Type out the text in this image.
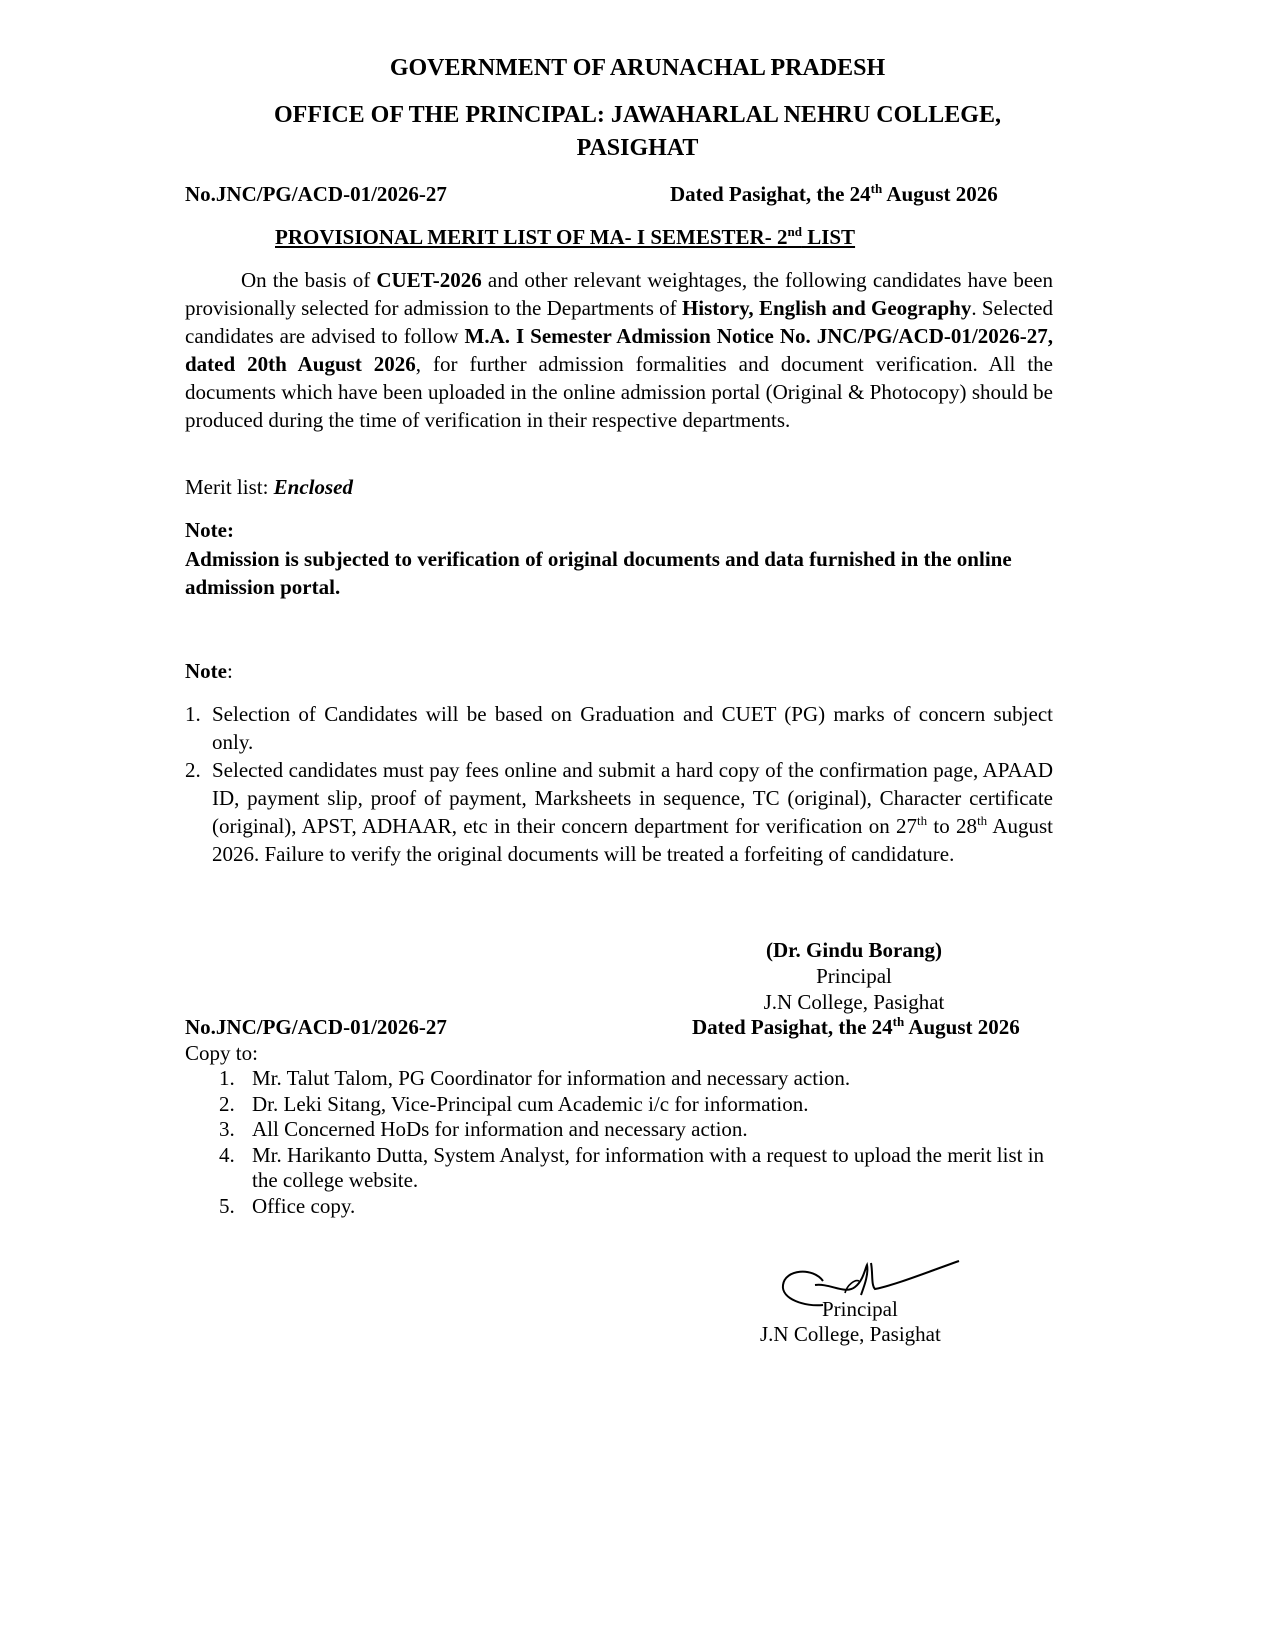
GOVERNMENT OF ARUNACHAL PRADESH
OFFICE OF THE PRINCIPAL: JAWAHARLAL NEHRU COLLEGE,
PASIGHAT
No.JNC/PG/ACD-01/2026-27	Dated Pasighat, the 24th August 2026
PROVISIONAL MERIT LIST OF MA- I SEMESTER- 2nd LIST

On the basis of CUET-2026 and other relevant weightages, the following candidates have been provisionally selected for admission to the Departments of History, English and Geography. Selected candidates are advised to follow M.A. I Semester Admission Notice No. JNC/PG/ACD-01/2026-27, dated 20th August 2026, for further admission formalities and document verification. All the documents which have been uploaded in the online admission portal (Original & Photocopy) should be produced during the time of verification in their respective departments.

Merit list: Enclosed
Note:

Admission is subjected to verification of original documents and data furnished in the online admission portal.

Note:
1. Selection of Candidates will be based on Graduation and CUET (PG) marks of concern subject only.
2. Selected candidates must pay fees online and submit a hard copy of the confirmation page, APAAD ID, payment slip, proof of payment, Marksheets in sequence, TC (original), Character certificate (original), APST, ADHAAR, etc in their concern department for verification on 27th to 28th August 2026. Failure to verify the original documents will be treated a forfeiting of candidature.
(Dr. Gindu Borang)
Principal
J.N College, Pasighat
No.JNC/PG/ACD-01/2026-27	Dated Pasighat, the 24th August 2026
Copy to:
1. Mr. Talut Talom, PG Coordinator for information and necessary action.
2. Dr. Leki Sitang, Vice-Principal cum Academic i/c for information.
3. All Concerned HoDs for information and necessary action.
4. Mr. Harikanto Dutta, System Analyst, for information with a request to upload the merit list in the college website.
5. Office copy.
Principal
J.N College, Pasighat
